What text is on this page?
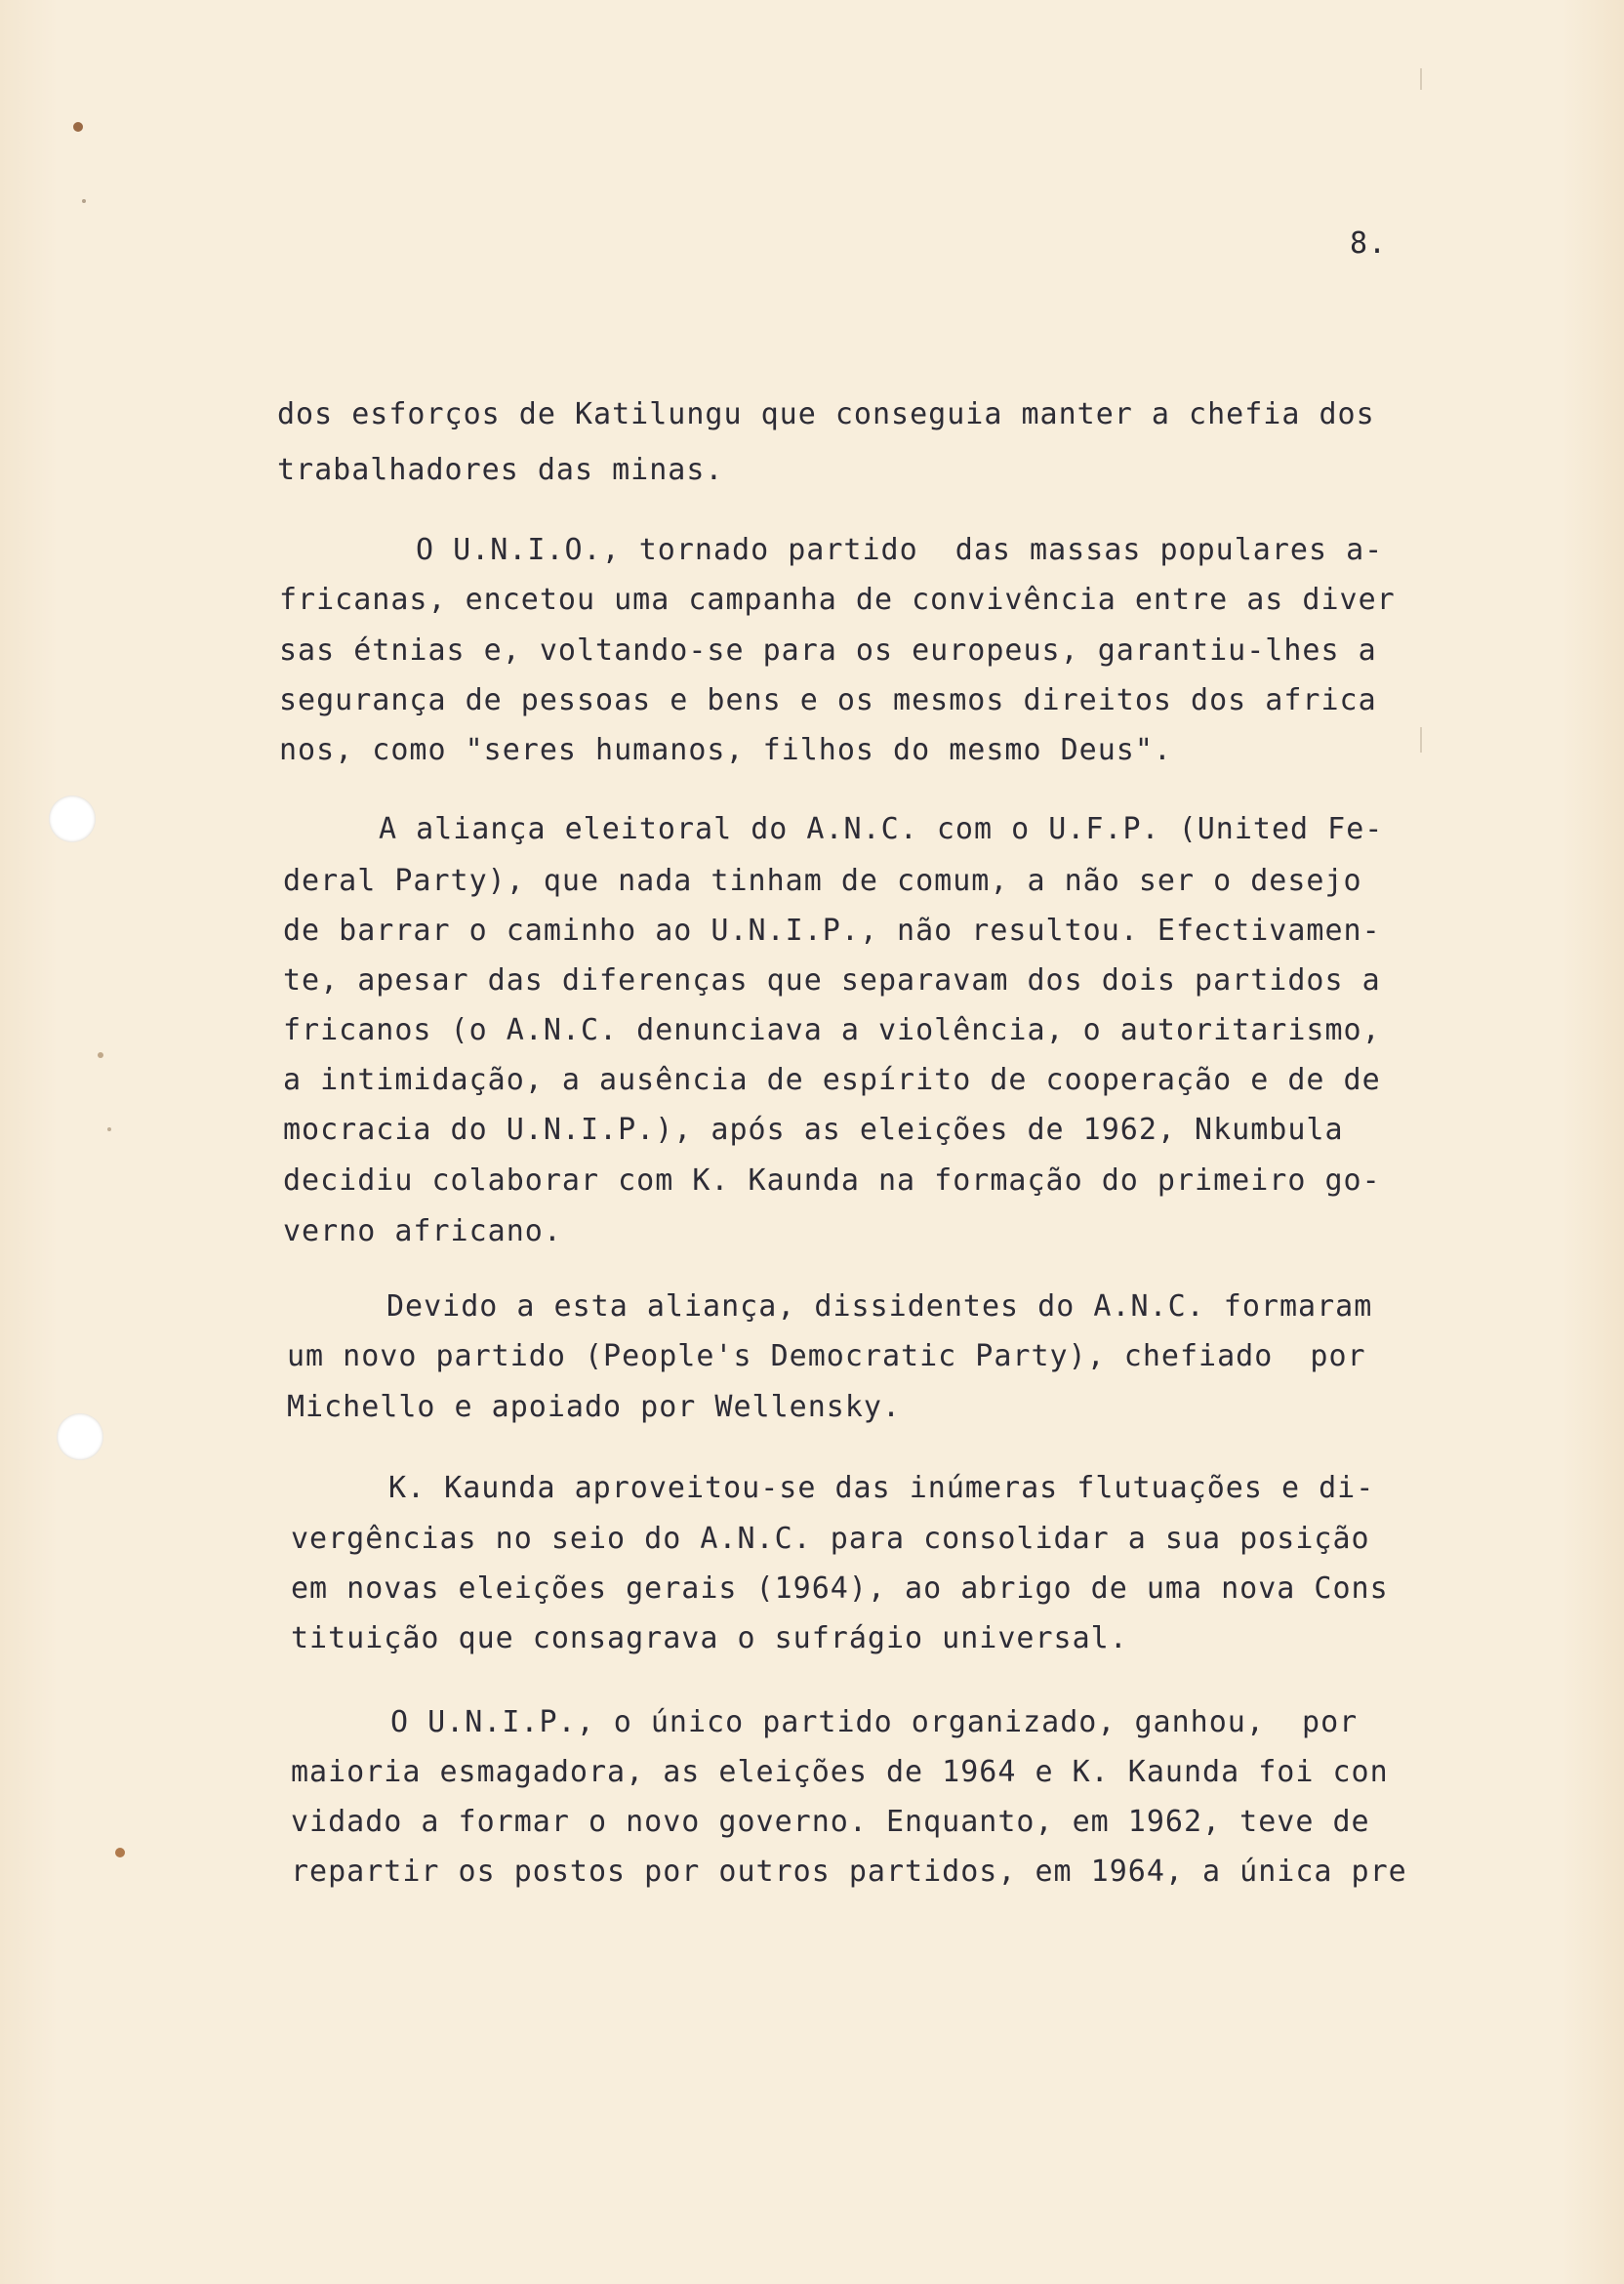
8.
dos esforços de Katilungu que conseguia manter a chefia dos
trabalhadores das minas.
O U.N.I.O., tornado partido  das massas populares a-
fricanas, encetou uma campanha de convivência entre as diver
sas étnias e, voltando-se para os europeus, garantiu-lhes a
segurança de pessoas e bens e os mesmos direitos dos africa
nos, como "seres humanos, filhos do mesmo Deus".
A aliança eleitoral do A.N.C. com o U.F.P. (United Fe-
deral Party), que nada tinham de comum, a não ser o desejo
de barrar o caminho ao U.N.I.P., não resultou. Efectivamen-
te, apesar das diferenças que separavam dos dois partidos a
fricanos (o A.N.C. denunciava a violência, o autoritarismo,
a intimidação, a ausência de espírito de cooperação e de de
mocracia do U.N.I.P.), após as eleições de 1962, Nkumbula
decidiu colaborar com K. Kaunda na formação do primeiro go-
verno africano.
Devido a esta aliança, dissidentes do A.N.C. formaram
um novo partido (People's Democratic Party), chefiado  por
Michello e apoiado por Wellensky.
K. Kaunda aproveitou-se das inúmeras flutuações e di-
vergências no seio do A.N.C. para consolidar a sua posição
em novas eleições gerais (1964), ao abrigo de uma nova Cons
tituição que consagrava o sufrágio universal.
O U.N.I.P., o único partido organizado, ganhou,  por
maioria esmagadora, as eleições de 1964 e K. Kaunda foi con
vidado a formar o novo governo. Enquanto, em 1962, teve de
repartir os postos por outros partidos, em 1964, a única pre
